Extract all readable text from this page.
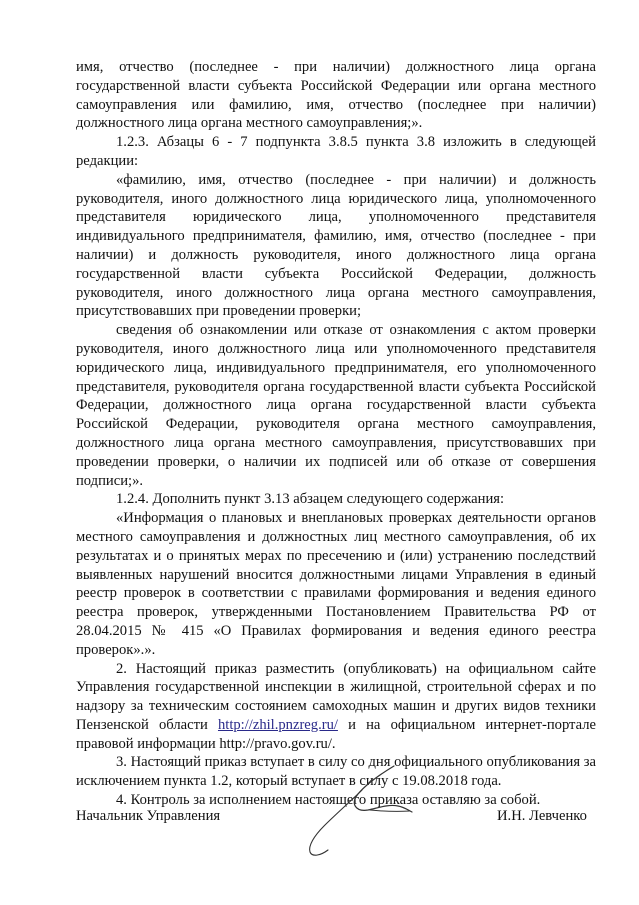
имя, отчество (последнее - при наличии) должностного лица органа государственной власти субъекта Российской Федерации или органа местного самоуправления или фамилию, имя, отчество (последнее при наличии) должностного лица органа местного самоуправления;».

1.2.3. Абзацы 6 - 7 подпункта 3.8.5 пункта 3.8 изложить в следующей редакции:

«фамилию, имя, отчество (последнее - при наличии) и должность руководителя, иного должностного лица юридического лица, уполномоченного представителя юридического лица, уполномоченного представителя индивидуального предпринимателя, фамилию, имя, отчество (последнее - при наличии) и должность руководителя, иного должностного лица органа государственной власти субъекта Российской Федерации, должность руководителя, иного должностного лица органа местного самоуправления, присутствовавших при проведении проверки;

сведения об ознакомлении или отказе от ознакомления с актом проверки руководителя, иного должностного лица или уполномоченного представителя юридического лица, индивидуального предпринимателя, его уполномоченного представителя, руководителя органа государственной власти субъекта Российской Федерации, должностного лица органа государственной власти субъекта Российской Федерации, руководителя органа местного самоуправления, должностного лица органа местного самоуправления, присутствовавших при проведении проверки, о наличии их подписей или об отказе от совершения подписи;».

1.2.4. Дополнить пункт 3.13 абзацем следующего содержания:

«Информация о плановых и внеплановых проверках деятельности органов местного самоуправления и должностных лиц местного самоуправления, об их результатах и о принятых мерах по пресечению и (или) устранению последствий выявленных нарушений вносится должностными лицами Управления в единый реестр проверок в соответствии с правилами формирования и ведения единого реестра проверок, утвержденными Постановлением Правительства РФ от 28.04.2015 № 415 «О Правилах формирования и ведения единого реестра проверок».».

2. Настоящий приказ разместить (опубликовать) на официальном сайте Управления государственной инспекции в жилищной, строительной сферах и по надзору за техническим состоянием самоходных машин и других видов техники Пензенской области http://zhil.pnzreg.ru/ и на официальном интернет-портале правовой информации http://pravo.gov.ru/.

3. Настоящий приказ вступает в силу со дня официального опубликования за исключением пункта 1.2, который вступает в силу с 19.08.2018 года.

4. Контроль за исполнением настоящего приказа оставляю за собой.

Начальник Управления	И.Н. Левченко
